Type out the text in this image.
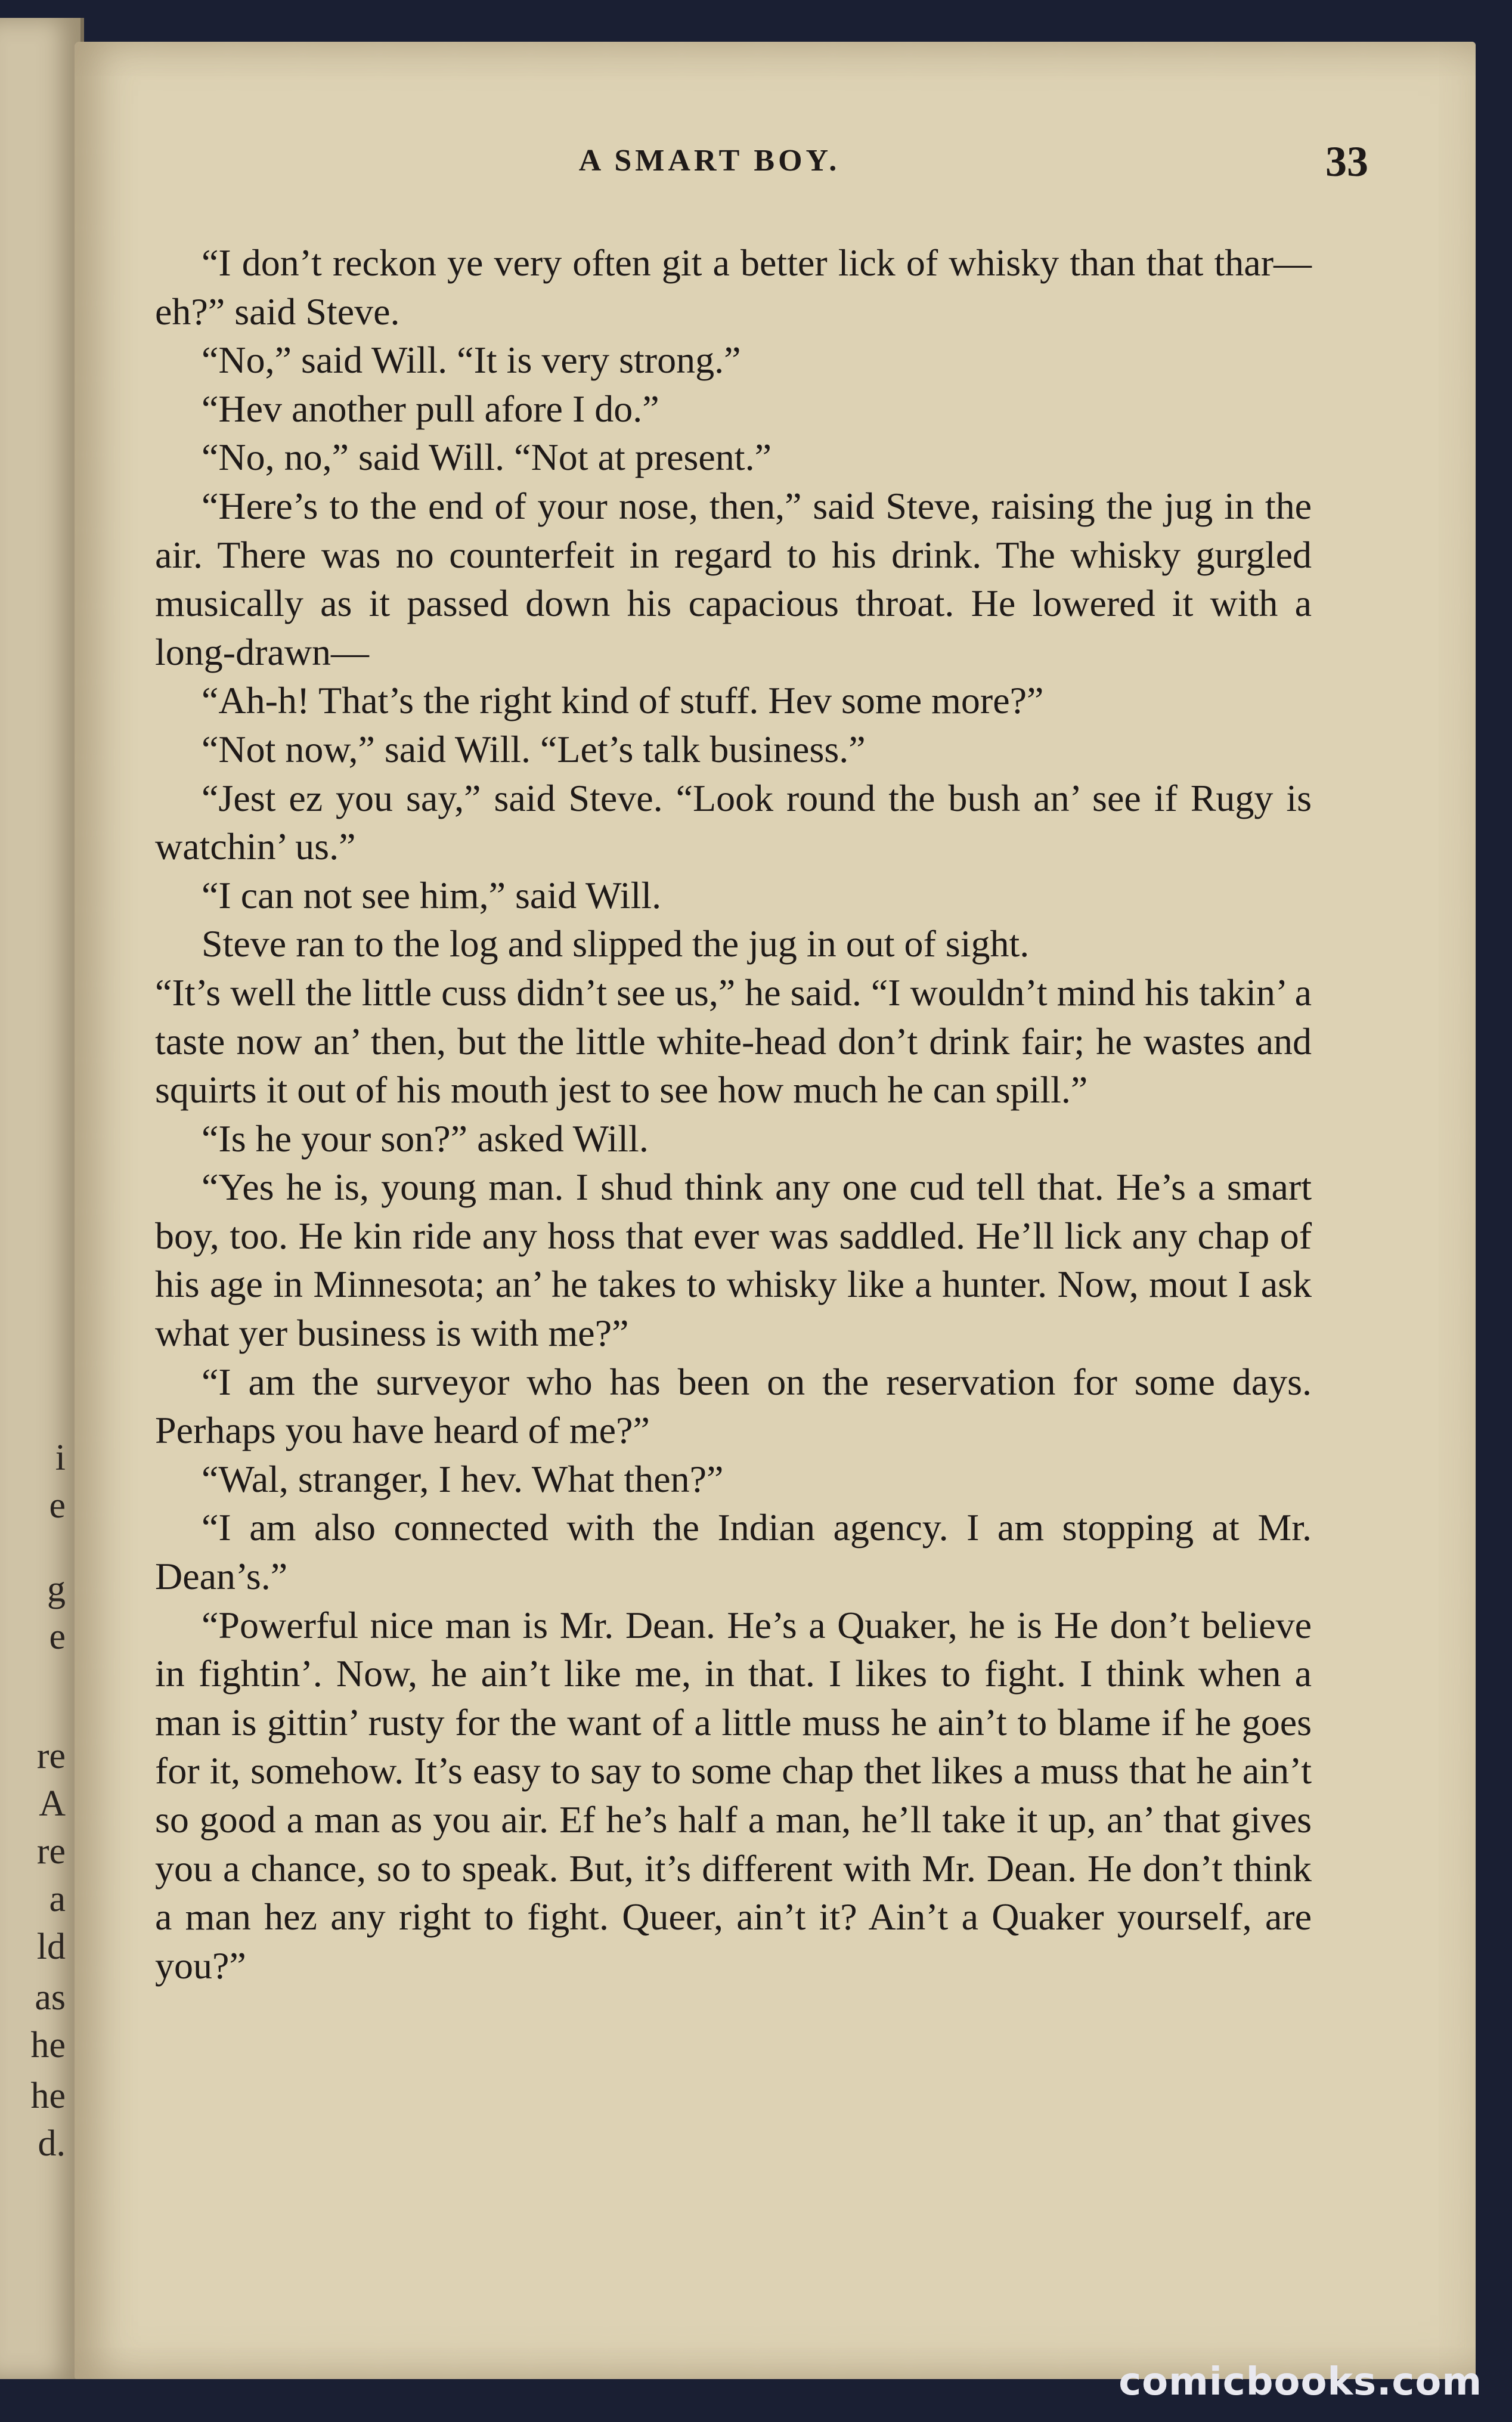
i
e
g
e
re
A
re
a
ld
as
he
he
d.
A SMART BOY.	33

“I don’t reckon ye very often git a better lick of whisky than that thar—eh?” said Steve.

“No,” said Will. “It is very strong.”

“Hev another pull afore I do.”

“No, no,” said Will. “Not at present.”

“Here’s to the end of your nose, then,” said Steve, raising the jug in the air. There was no counterfeit in regard to his drink. The whisky gurgled musically as it passed down his capacious throat. He lowered it with a long-drawn—

“Ah-h! That’s the right kind of stuff. Hev some more?”

“Not now,” said Will. “Let’s talk business.”

“Jest ez you say,” said Steve. “Look round the bush an’ see if Rugy is watchin’ us.”

“I can not see him,” said Will.

Steve ran to the log and slipped the jug in out of sight.

“It’s well the little cuss didn’t see us,” he said. “I wouldn’t mind his takin’ a taste now an’ then, but the little white-head don’t drink fair; he wastes and squirts it out of his mouth jest to see how much he can spill.”

“Is he your son?” asked Will.

“Yes he is, young man. I shud think any one cud tell that. He’s a smart boy, too. He kin ride any hoss that ever was saddled. He’ll lick any chap of his age in Minnesota; an’ he takes to whisky like a hunter. Now, mout I ask what yer business is with me?”

“I am the surveyor who has been on the reservation for some days. Perhaps you have heard of me?”

“Wal, stranger, I hev. What then?”

“I am also connected with the Indian agency. I am stopping at Mr. Dean’s.”

“Powerful nice man is Mr. Dean. He’s a Quaker, he is He don’t believe in fightin’. Now, he ain’t like me, in that. I likes to fight. I think when a man is gittin’ rusty for the want of a little muss he ain’t to blame if he goes for it, somehow. It’s easy to say to some chap thet likes a muss that he ain’t so good a man as you air. Ef he’s half a man, he’ll take it up, an’ that gives you a chance, so to speak. But, it’s different with Mr. Dean. He don’t think a man hez any right to fight. Queer, ain’t it? Ain’t a Quaker yourself, are you?”

comicbooks.com
